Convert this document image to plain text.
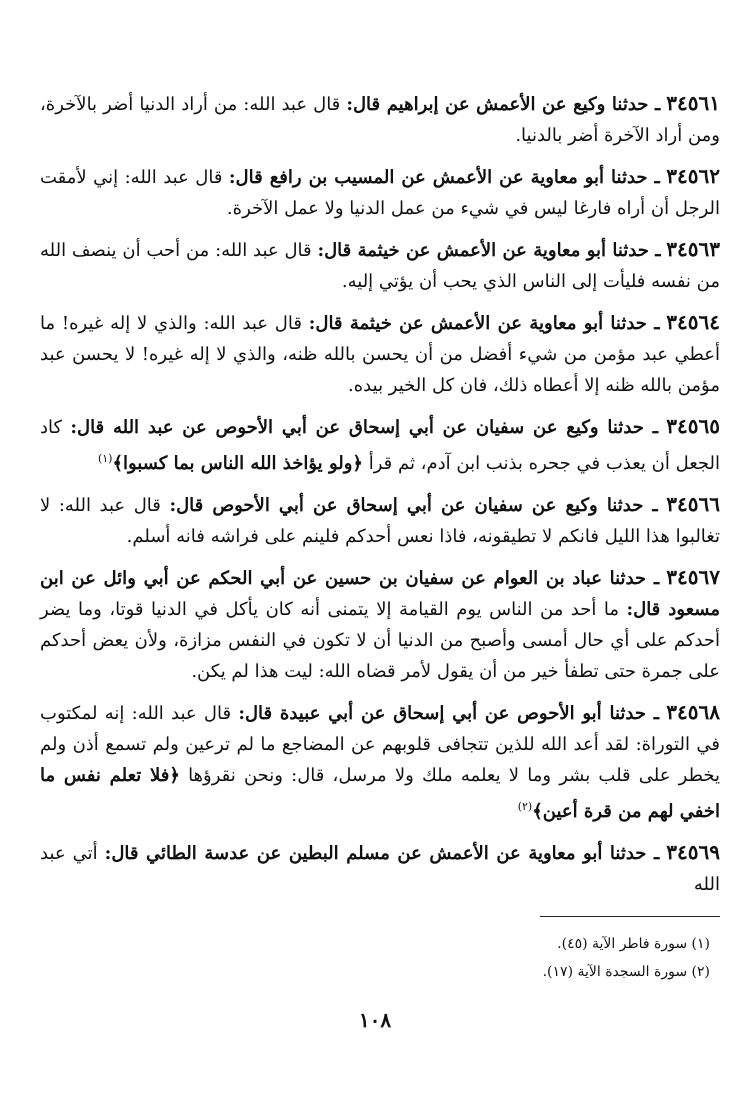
٣٤٥٦١ ـ حدثنا وكيع عن الأعمش عن إبراهيم قال: قال عبد الله: من أراد الدنيا أضر بالآخرة، ومن أراد الآخرة أضر بالدنيا.

٣٤٥٦٢ ـ حدثنا أبو معاوية عن الأعمش عن المسيب بن رافع قال: قال عبد الله: إني لأمقت الرجل أن أراه فارغا ليس في شيء من عمل الدنيا ولا عمل الآخرة.

٣٤٥٦٣ ـ حدثنا أبو معاوية عن الأعمش عن خيثمة قال: قال عبد الله: من أحب أن ينصف الله من نفسه فليأت إلى الناس الذي يحب أن يؤتي إليه.

٣٤٥٦٤ ـ حدثنا أبو معاوية عن الأعمش عن خيثمة قال: قال عبد الله: والذي لا إله غيره! ما أعطي عبد مؤمن من شيء أفضل من أن يحسن بالله ظنه، والذي لا إله غيره! لا يحسن عبد مؤمن بالله ظنه إلا أعطاه ذلك، فان كل الخير بيده.

٣٤٥٦٥ ـ حدثنا وكيع عن سفيان عن أبي إسحاق عن أبي الأحوص عن عبد الله قال: كاد الجعل أن يعذب في جحره بذنب ابن آدم، ثم قرأ ﴿ولو يؤاخذ الله الناس بما كسبوا﴾$^{(١)}$

٣٤٥٦٦ ـ حدثنا وكيع عن سفيان عن أبي إسحاق عن أبي الأحوص قال: قال عبد الله: لا تغالبوا هذا الليل فانكم لا تطيقونه، فاذا نعس أحدكم فلينم على فراشه فانه أسلم.

٣٤٥٦٧ ـ حدثنا عباد بن العوام عن سفيان بن حسين عن أبي الحكم عن أبي وائل عن ابن مسعود قال: ما أحد من الناس يوم القيامة إلا يتمنى أنه كان يأكل في الدنيا قوتا، وما يضر أحدكم على أي حال أمسى وأصبح من الدنيا أن لا تكون في النفس مزازة، ولأن يعض أحدكم على جمرة حتى تطفأ خير من أن يقول لأمر قضاه الله: ليت هذا لم يكن.

٣٤٥٦٨ ـ حدثنا أبو الأحوص عن أبي إسحاق عن أبي عبيدة قال: قال عبد الله: إنه لمكتوب في التوراة: لقد أعد الله للذين تتجافى قلوبهم عن المضاجع ما لم ترعين ولم تسمع أذن ولم يخطر على قلب بشر وما لا يعلمه ملك ولا مرسل، قال: ونحن نقرؤها ﴿فلا تعلم نفس ما اخفي لهم من قرة أعين﴾$^{(٢)}$

٣٤٥٦٩ ـ حدثنا أبو معاوية عن الأعمش عن مسلم البطين عن عدسة الطائي قال: أتي عبد الله

(١) سورة فاطر الآية (٤٥).

(٢) سورة السجدة الآية (١٧).

١٠٨
